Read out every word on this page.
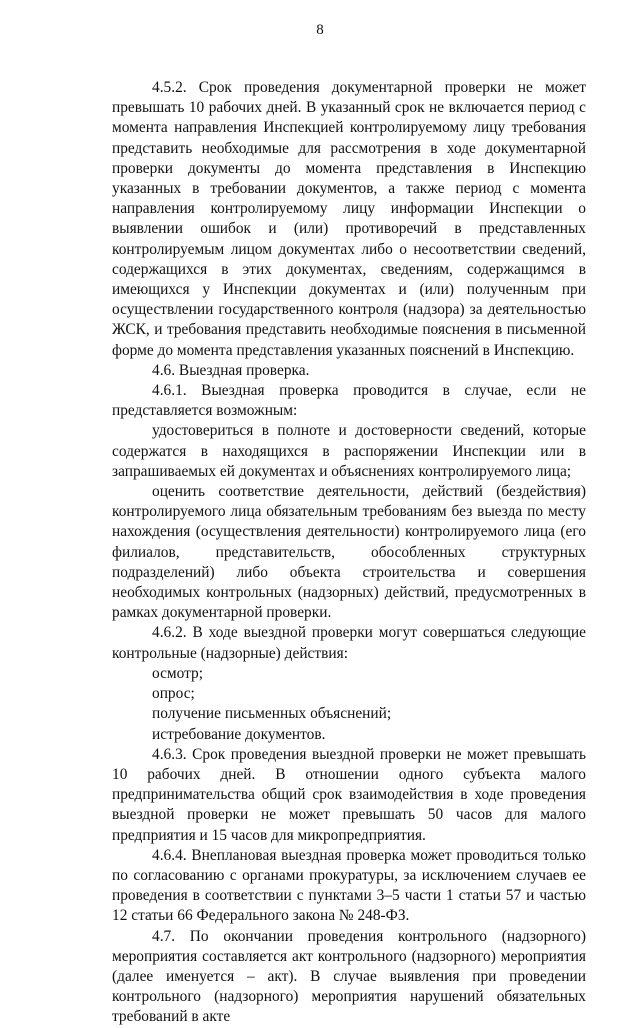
8

4.5.2. Срок проведения документарной проверки не может превышать 10 рабочих дней. В указанный срок не включается период с момента направления Инспекцией контролируемому лицу требования представить необходимые для рассмотрения в ходе документарной проверки документы до момента представления в Инспекцию указанных в требовании документов, а также период с момента направления контролируемому лицу информации Инспекции о выявлении ошибок и (или) противоречий в представленных контролируемым лицом документах либо о несоответствии сведений, содержащихся в этих документах, сведениям, содержащимся в имеющихся у Инспекции документах и (или) полученным при осуществлении государственного контроля (надзора) за деятельностью ЖСК, и требования представить необходимые пояснения в письменной форме до момента представления указанных пояснений в Инспекцию.

4.6. Выездная проверка.

4.6.1. Выездная проверка проводится в случае, если не представляется возможным:

удостовериться в полноте и достоверности сведений, которые содержатся в находящихся в распоряжении Инспекции или в запрашиваемых ей документах и объяснениях контролируемого лица;

оценить соответствие деятельности, действий (бездействия) контролируемого лица обязательным требованиям без выезда по месту нахождения (осуществления деятельности) контролируемого лица (его филиалов, представительств, обособленных структурных подразделений) либо объекта строительства и совершения необходимых контрольных (надзорных) действий, предусмотренных в рамках документарной проверки.

4.6.2. В ходе выездной проверки могут совершаться следующие контрольные (надзорные) действия:

осмотр;

опрос;

получение письменных объяснений;

истребование документов.

4.6.3. Срок проведения выездной проверки не может превышать 10 рабочих дней. В отношении одного субъекта малого предпринимательства общий срок взаимодействия в ходе проведения выездной проверки не может превышать 50 часов для малого предприятия и 15 часов для микропредприятия.

4.6.4. Внеплановая выездная проверка может проводиться только по согласованию с органами прокуратуры, за исключением случаев ее проведения в соответствии с пунктами 3–5 части 1 статьи 57 и частью 12 статьи 66 Федерального закона № 248-ФЗ.

4.7. По окончании проведения контрольного (надзорного) мероприятия составляется акт контрольного (надзорного) мероприятия (далее именуется – акт). В случае выявления при проведении контрольного (надзорного) мероприятия нарушений обязательных требований в акте
